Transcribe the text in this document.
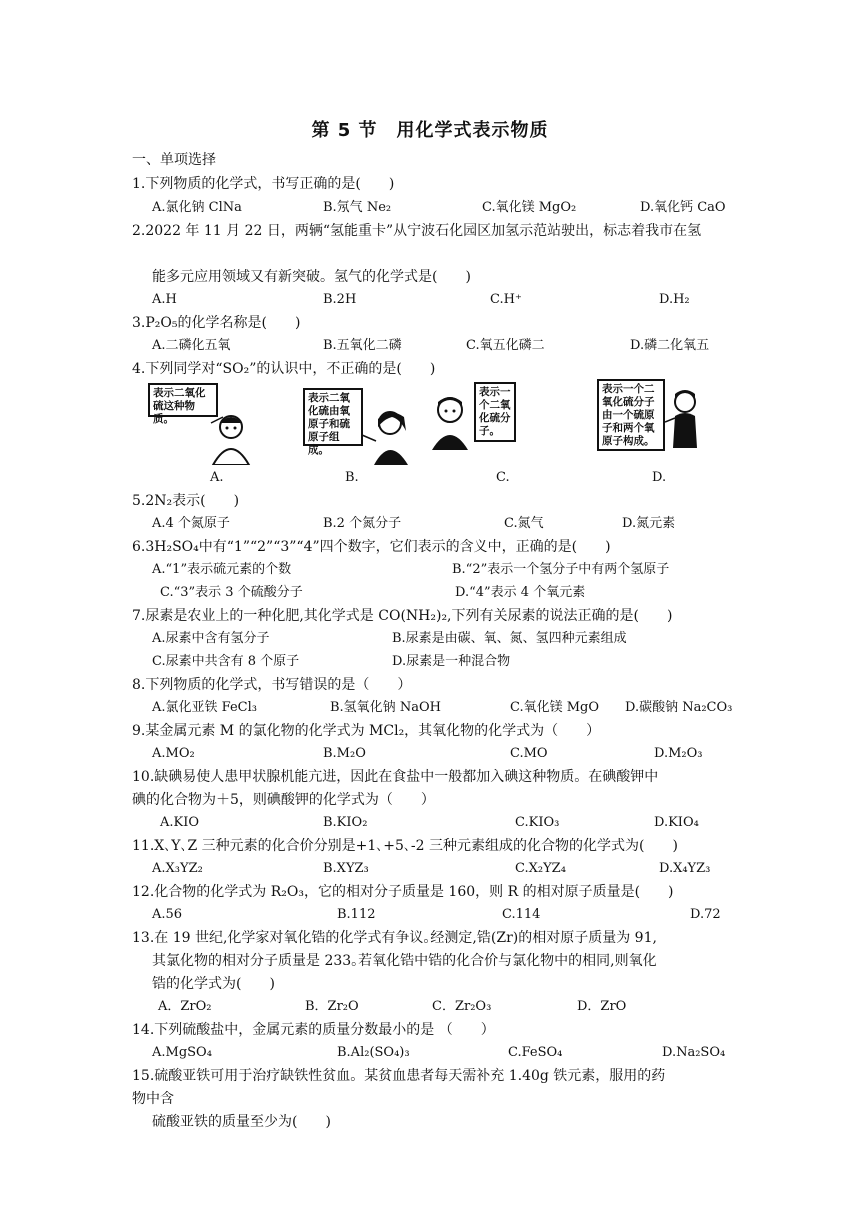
第 5 节　用化学式表示物质
一、单项选择
1.下列物质的化学式，书写正确的是(　　)
A.氯化钠 ClNa	B.氖气 Ne₂	C.氧化镁 MgO₂	D.氧化钙 CaO
2.2022 年 11 月 22 日，两辆“氢能重卡”从宁波石化园区加氢示范站驶出，标志着我市在氢
能多元应用领域又有新突破。氢气的化学式是(　　)
A.H	B.2H	C.H⁺	D.H₂
3.P₂O₅的化学名称是(　　)
A.二磷化五氧	B.五氧化二磷	C.氧五化磷二	D.磷二化氧五
4.下列同学对“SO₂”的认识中，不正确的是(　　)
表示二氧化硫这种物质。
A.
表示二氧化硫由氧原子和硫原子组成。
B.
表示一个二氧化硫分子。
C.
表示一个二氧化硫分子由一个硫原子和两个氧原子构成。
D.
5.2N₂表示(　　)
A.4 个氮原子	B.2 个氮分子	C.氮气	D.氮元素
6.3H₂SO₄中有“1”“2”“3”“4”四个数字，它们表示的含义中，正确的是(　　)
A.“1”表示硫元素的个数	B.“2”表示一个氢分子中有两个氢原子
C.“3”表示 3 个硫酸分子	D.“4”表示 4 个氧元素
7.尿素是农业上的一种化肥,其化学式是 CO(NH₂)₂,下列有关尿素的说法正确的是(　　)
A.尿素中含有氢分子	B.尿素是由碳、氧、氮、氢四种元素组成
C.尿素中共含有 8 个原子	D.尿素是一种混合物
8.下列物质的化学式，书写错误的是（　　）
A.氯化亚铁 FeCl₃	B.氢氧化钠 NaOH	C.氧化镁 MgO D.碳酸钠 Na₂CO₃
9.某金属元素 M 的氯化物的化学式为 MCl₂，其氧化物的化学式为（　　）
A.MO₂	B.M₂O	C.MO	D.M₂O₃
10.缺碘易使人患甲状腺机能亢进，因此在食盐中一般都加入碘这种物质。在碘酸钾中
碘的化合物为＋5，则碘酸钾的化学式为（　　）
A.KIO	B.KIO₂	C.KIO₃	D.KIO₄
11.X､Y､Z 三种元素的化合价分别是+1､+5､-2 三种元素组成的化合物的化学式为(　　)
A.X₃YZ₂	B.XYZ₃	C.X₂YZ₄	D.X₄YZ₃
12.化合物的化学式为 R₂O₃，它的相对分子质量是 160，则 R 的相对原子质量是(　　)
A.56	B.112	C.114	D.72
13.在 19 世纪,化学家对氧化锆的化学式有争议｡经测定,锆(Zr)的相对原子质量为 91,
其氯化物的相对分子质量是 233｡若氧化锆中锆的化合价与氯化物中的相同,则氧化
锆的化学式为(　　)
A．ZrO₂	B．Zr₂O	C．Zr₂O₃	D．ZrO
14.下列硫酸盐中，金属元素的质量分数最小的是 （　　）
A.MgSO₄	B.Al₂(SO₄)₃	C.FeSO₄	D.Na₂SO₄
15.硫酸亚铁可用于治疗缺铁性贫血。某贫血患者每天需补充 1.40g 铁元素，服用的药
物中含
硫酸亚铁的质量至少为(　　)
